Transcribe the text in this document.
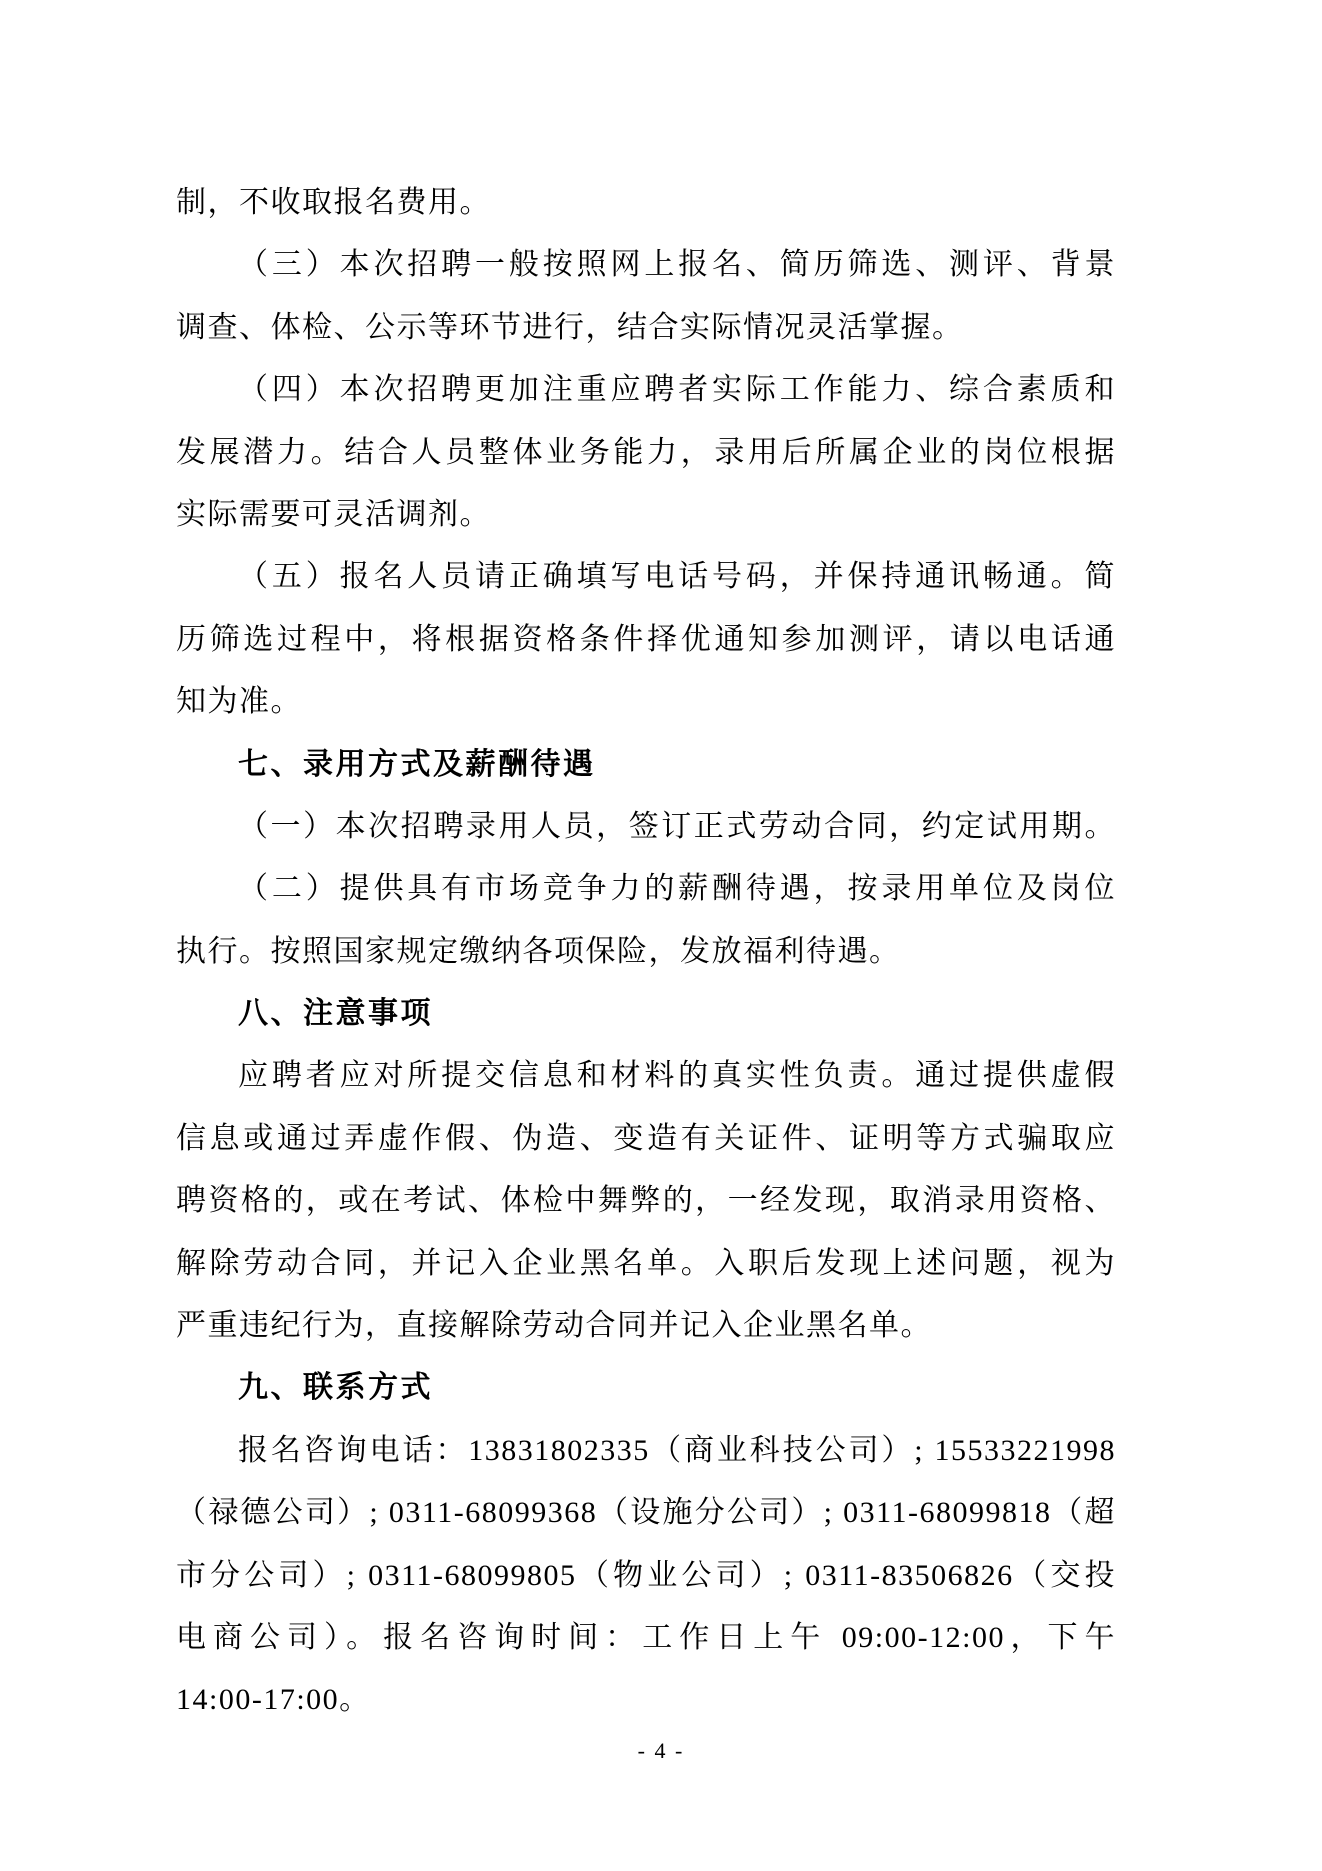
制，不收取报名费用。
（三）本次招聘一般按照网上报名、简历筛选、测评、背景
调查、体检、公示等环节进行，结合实际情况灵活掌握。
（四）本次招聘更加注重应聘者实际工作能力、综合素质和
发展潜力。结合人员整体业务能力，录用后所属企业的岗位根据
实际需要可灵活调剂。
（五）报名人员请正确填写电话号码，并保持通讯畅通。简
历筛选过程中，将根据资格条件择优通知参加测评，请以电话通
知为准。
七、录用方式及薪酬待遇
（一）本次招聘录用人员，签订正式劳动合同，约定试用期。
（二）提供具有市场竞争力的薪酬待遇，按录用单位及岗位
执行。按照国家规定缴纳各项保险，发放福利待遇。
八、注意事项
应聘者应对所提交信息和材料的真实性负责。通过提供虚假
信息或通过弄虚作假、伪造、变造有关证件、证明等方式骗取应
聘资格的，或在考试、体检中舞弊的，一经发现，取消录用资格、
解除劳动合同，并记入企业黑名单。入职后发现上述问题，视为
严重违纪行为，直接解除劳动合同并记入企业黑名单。
九、联系方式
报名咨询电话：13831802335（商业科技公司）; 15533221998
（禄德公司）; 0311-68099368（设施分公司）; 0311-68099818（超
市分公司）; 0311-68099805（物业公司）; 0311-83506826（交投
电商公司）。报名咨询时间：工作日上午 09:00-12:00，下午
14:00-17:00。
- 4 -
